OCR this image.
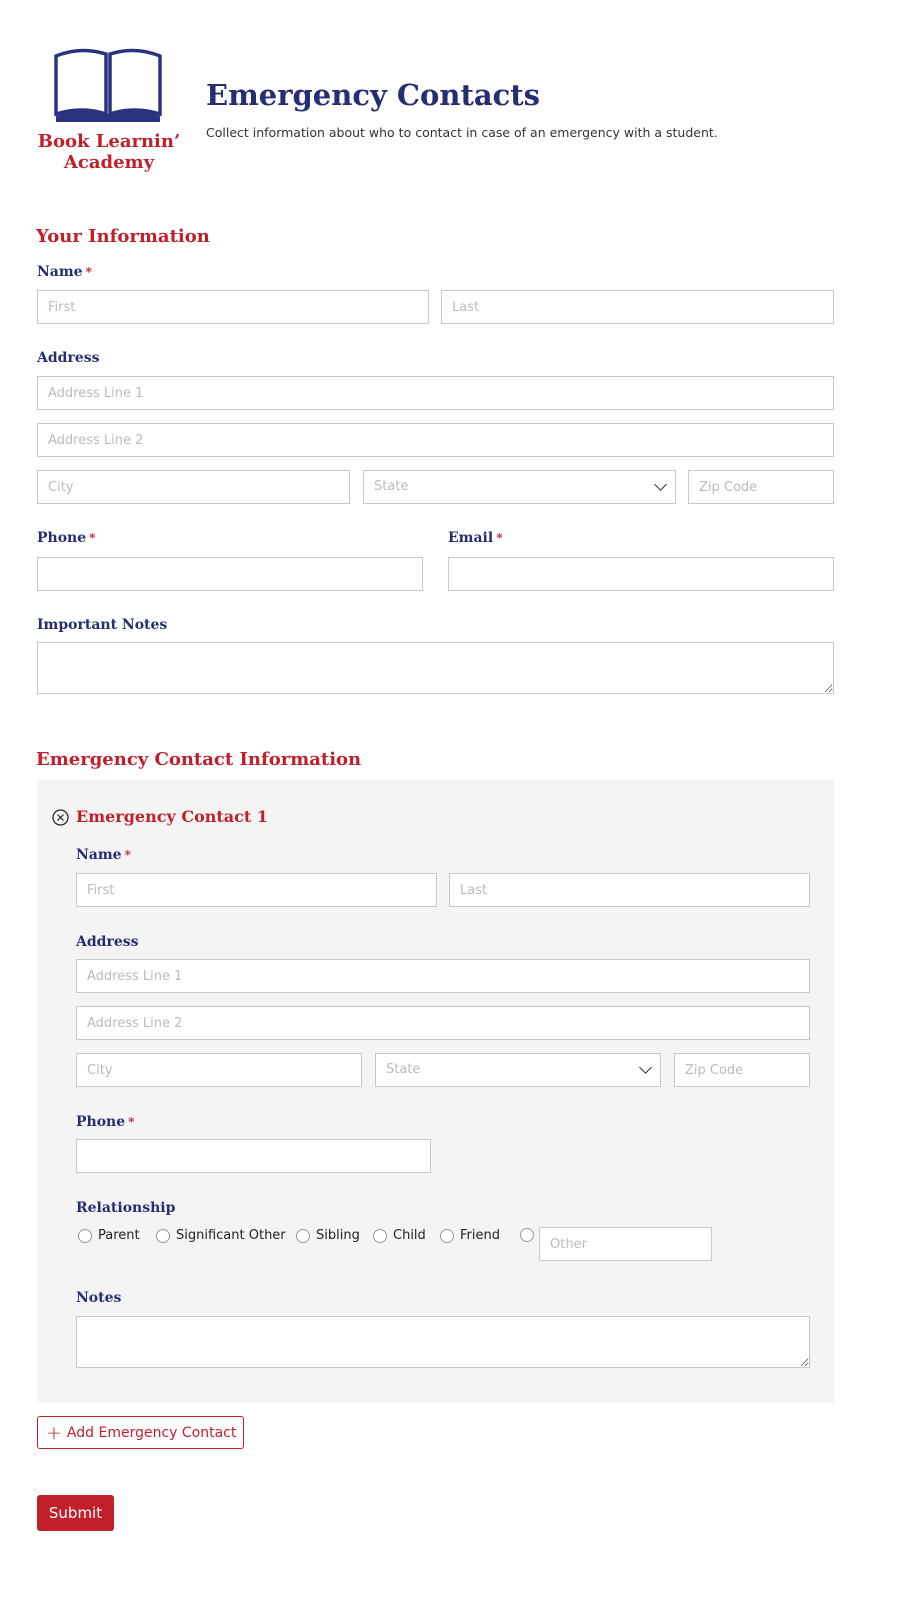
Book Learnin’
Academy
Emergency Contacts
Collect information about who to contact in case of an emergency with a student.
Your Information
Name *
First
Last
Address
Address Line 1
Address Line 2
City
State
Zip Code
Phone *	Email *
Important Notes
Emergency Contact Information
Emergency Contact 1
Name *
First
Last
Address
Address Line 1
Address Line 2
City
State
Zip Code
Phone *
Relationship
Parent	Significant Other Sibling	Child	Friend
Other
Notes
+ Add Emergency Contact
Submit
